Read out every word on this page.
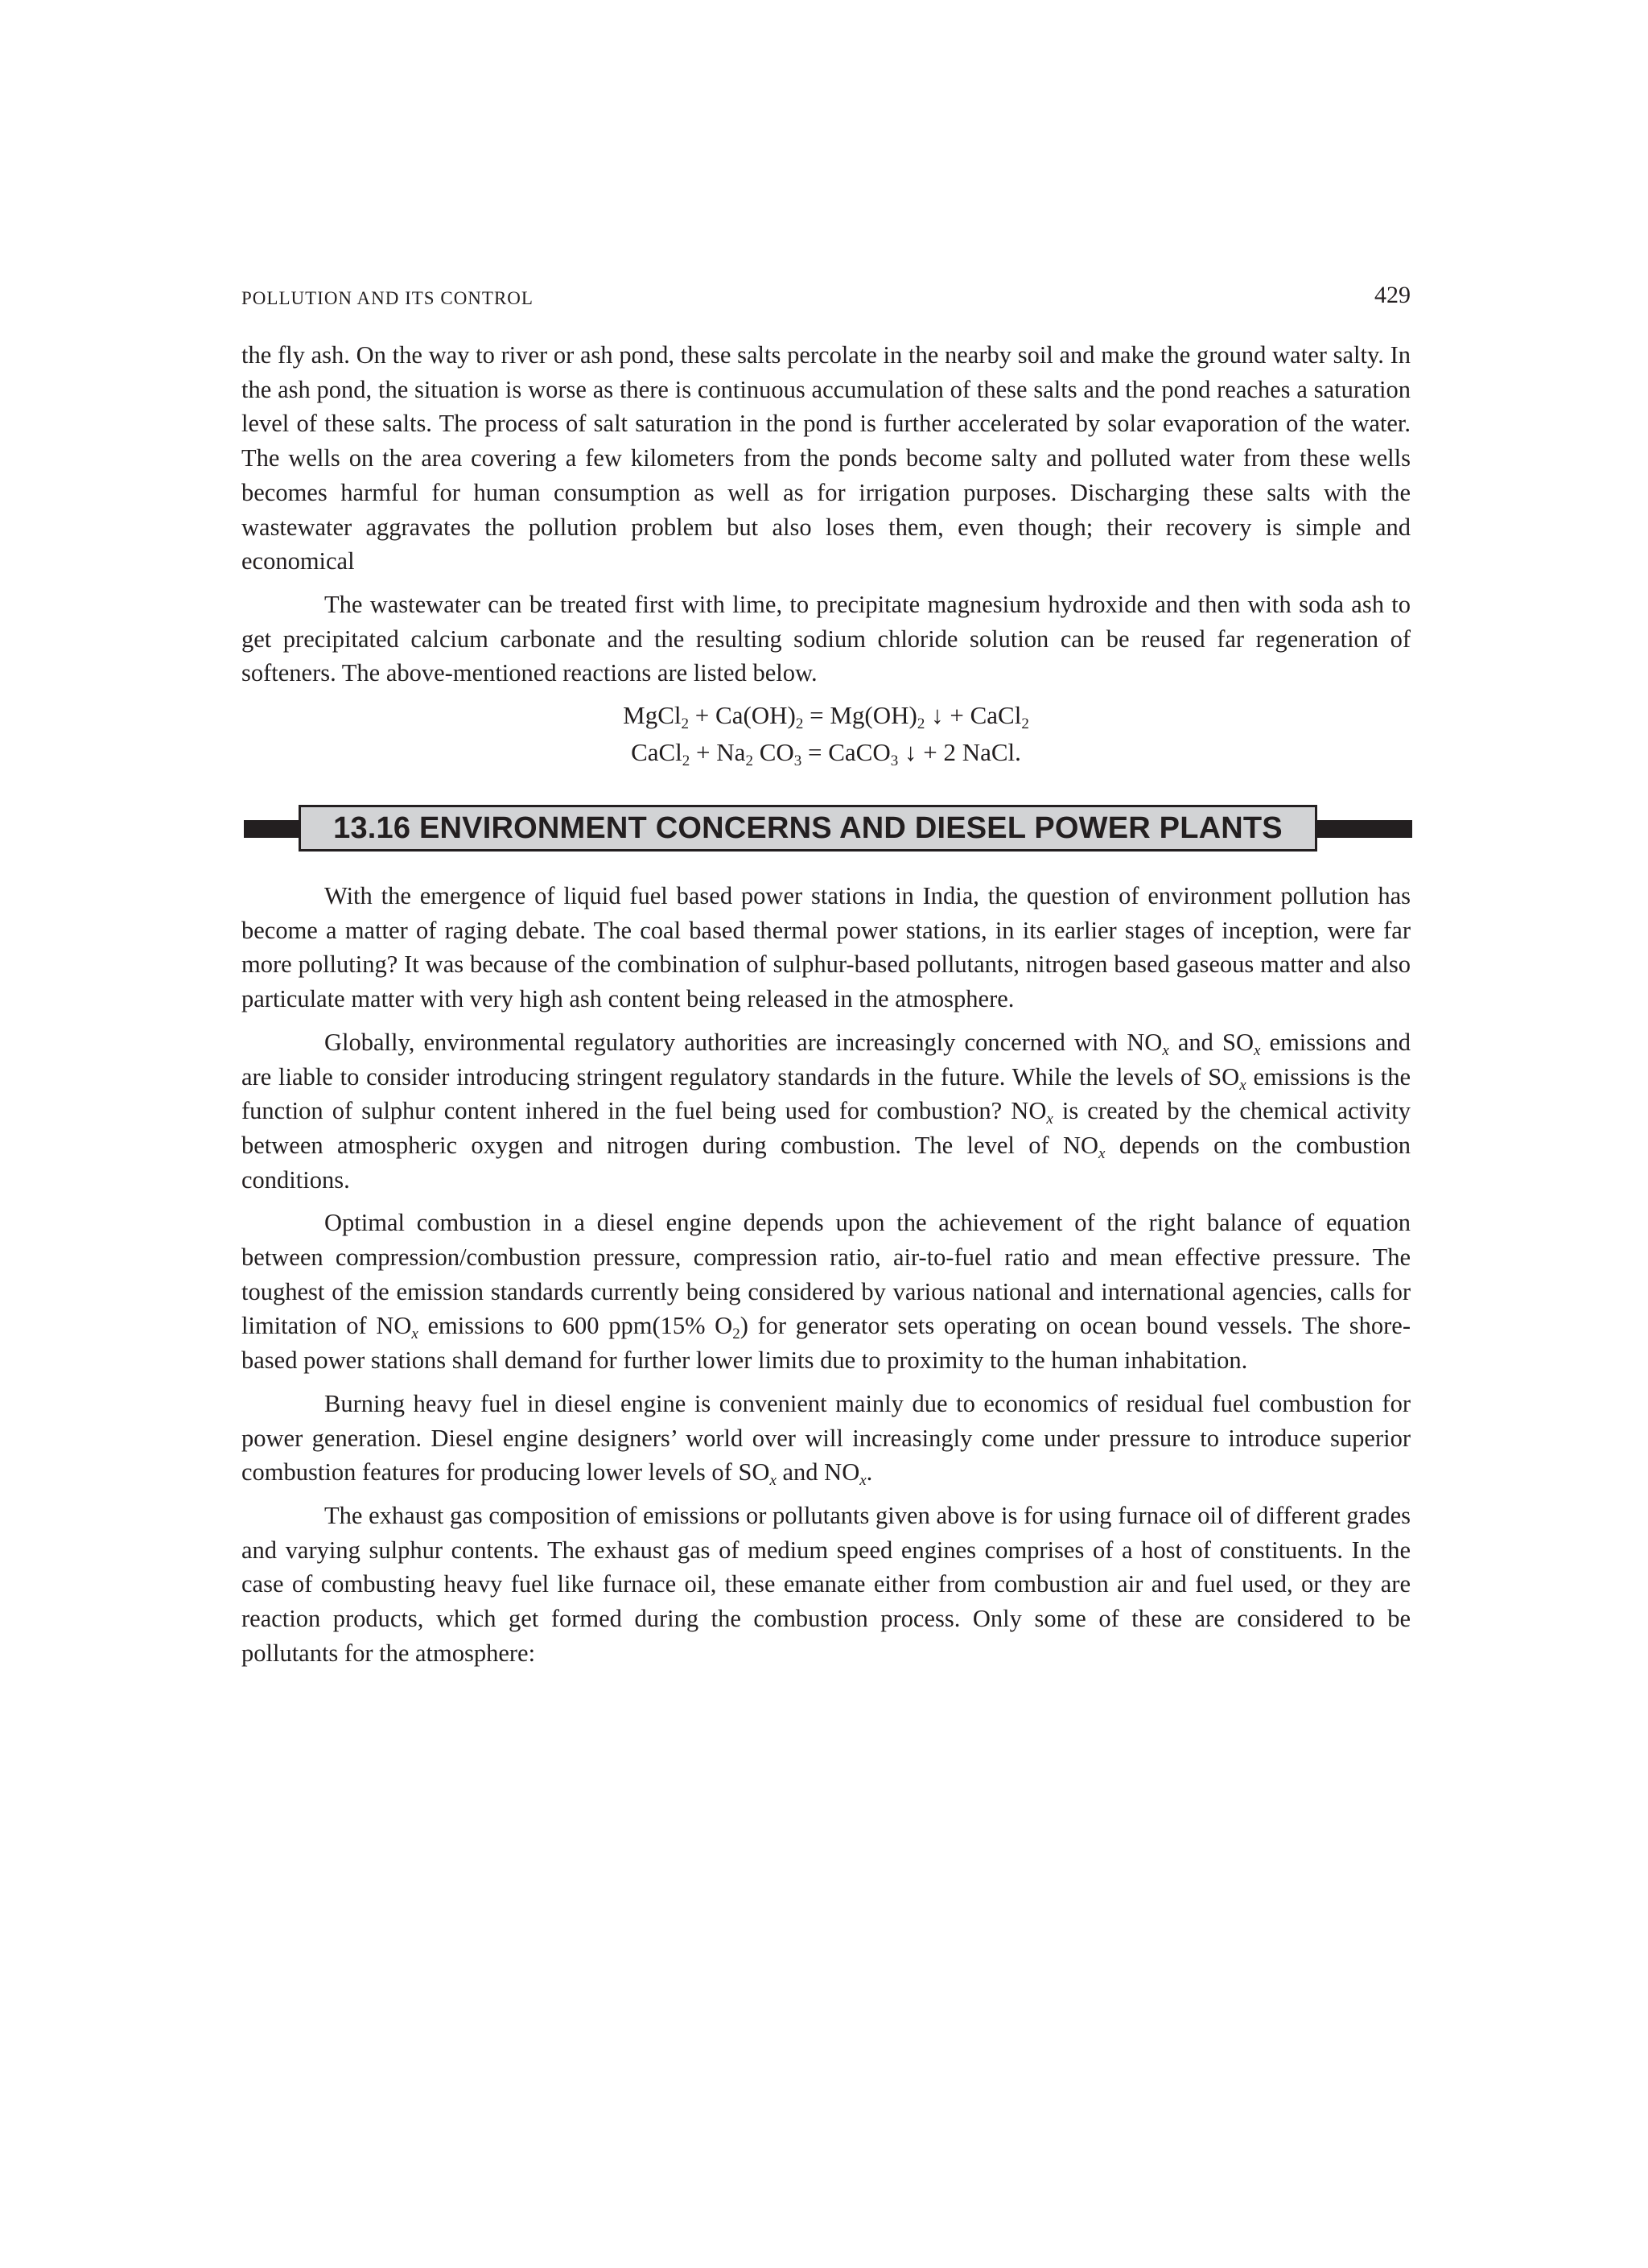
POLLUTION AND ITS CONTROL	429

the fly ash. On the way to river or ash pond, these salts percolate in the nearby soil and make the ground water salty. In the ash pond, the situation is worse as there is continuous accumulation of these salts and the pond reaches a saturation level of these salts. The process of salt saturation in the pond is further accelerated by solar evaporation of the water. The wells on the area covering a few kilometers from the ponds become salty and polluted water from these wells becomes harmful for human consumption as well as for irrigation purposes. Discharging these salts with the wastewater aggravates the pollution problem but also loses them, even though; their recovery is simple and economical

The wastewater can be treated first with lime, to precipitate magnesium hydroxide and then with soda ash to get precipitated calcium carbonate and the resulting sodium chloride solution can be reused far regeneration of softeners. The above-mentioned reactions are listed below.

MgCl$_2$ + $Ca(OH)_2 = Mg(OH)_2$ ↓ + CaCl$_2$
CaCl$_2$ + $Na_2$ $CO_3$ = CaCO$_3$ ↓ + 2 NaCl.
13.16 ENVIRONMENT CONCERNS AND DIESEL POWER PLANTS

With the emergence of liquid fuel based power stations in India, the question of environment pollution has become a matter of raging debate. The coal based thermal power stations, in its earlier stages of inception, were far more polluting? It was because of the combination of sulphur-based pollutants, nitrogen based gaseous matter and also particulate matter with very high ash content being released in the atmosphere.

Globally, environmental regulatory authorities are increasingly concerned with $NO_x$ and $SO_x$ emissions and are liable to consider introducing stringent regulatory standards in the future. While the levels of $SO_x$ emissions is the function of sulphur content inhered in the fuel being used for combustion? $NO_x$ is created by the chemical activity between atmospheric oxygen and nitrogen during combustion. The level of $NO_x$ depends on the combustion conditions.

Optimal combustion in a diesel engine depends upon the achievement of the right balance of equation between compression/combustion pressure, compression ratio, air-to-fuel ratio and mean effective pressure. The toughest of the emission standards currently being considered by various national and international agencies, calls for limitation of $NO_x$ emissions to 600 ppm(15% $O_2$) for generator sets operating on ocean bound vessels. The shore-based power stations shall demand for further lower limits due to proximity to the human inhabitation.

Burning heavy fuel in diesel engine is convenient mainly due to economics of residual fuel combustion for power generation. Diesel engine designers’ world over will increasingly come under pressure to introduce superior combustion features for producing lower levels of $SO_x$ and $NO_x$.

The exhaust gas composition of emissions or pollutants given above is for using furnace oil of different grades and varying sulphur contents. The exhaust gas of medium speed engines comprises of a host of constituents. In the case of combusting heavy fuel like furnace oil, these emanate either from combustion air and fuel used, or they are reaction products, which get formed during the combustion process. Only some of these are considered to be pollutants for the atmosphere:
